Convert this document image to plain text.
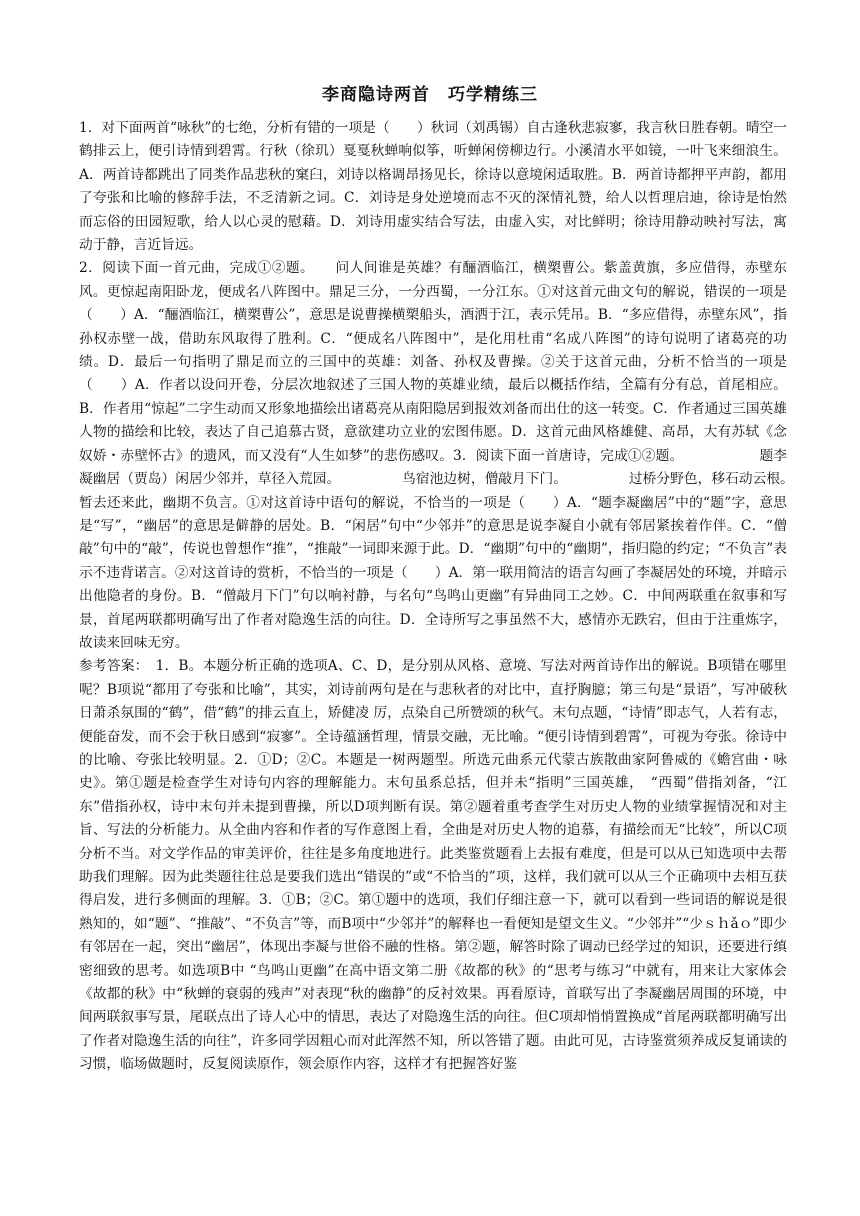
李商隐诗两首　巧学精练三
1．对下面两首“咏秋”的七绝，分析有错的一项是（　　）秋词（刘禹锡）自古逢秋悲寂寥，我言秋日胜春朝。晴空一鹤排云上，便引诗情到碧霄。行秋（徐玑）戛戛秋蝉响似筝，听蝉闲傍柳边行。小溪清水平如镜，一叶飞来细浪生。A．两首诗都跳出了同类作品悲秋的窠臼，刘诗以格调昂扬见长，徐诗以意境闲适取胜。B．两首诗都押平声韵，都用了夸张和比喻的修辞手法，不乏清新之词。C．刘诗是身处逆境而志不灭的深情礼赞，给人以哲理启迪，徐诗是怡然而忘俗的田园短歌，给人以心灵的慰藉。D．刘诗用虚实结合写法，由虚入实，对比鲜明；徐诗用静动映衬写法，寓动于静，言近旨远。
2．阅读下面一首元曲，完成①②题。　　问人间谁是英雄？有酾酒临江，横槊曹公。紫盖黄旗，多应借得，赤壁东风。更惊起南阳卧龙，便成名八阵图中。鼎足三分，一分西蜀，一分江东。①对这首元曲文句的解说，错误的一项是（　　）A．“酾酒临江，横槊曹公”，意思是说曹操横槊船头，酒洒于江，表示凭吊。B．“多应借得，赤壁东风”，指孙权赤壁一战，借助东风取得了胜利。C．“便成名八阵图中”，是化用杜甫“名成八阵图”的诗句说明了诸葛亮的功绩。D．最后一句指明了鼎足而立的三国中的英雄：刘备、孙权及曹操。②关于这首元曲，分析不恰当的一项是（　　）A．作者以设问开卷，分层次地叙述了三国人物的英雄业绩，最后以概括作结，全篇有分有总，首尾相应。B．作者用“惊起”二字生动而又形象地描绘出诸葛亮从南阳隐居到报效刘备而出仕的这一转变。C．作者通过三国英雄人物的描绘和比较，表达了自己追慕古贤，意欲建功立业的宏图伟愿。D．这首元曲风格雄健、高昂，大有苏轼《念奴娇・赤壁怀古》的遗风，而又没有“人生如梦”的悲伤感叹。3．阅读下面一首唐诗，完成①②题。　　　　　　题李凝幽居（贾岛）闲居少邻并，草径入荒园。　　　　　鸟宿池边树，僧敲月下门。　　　　　过桥分野色，移石动云根。　　　暂去还来此，幽期不负言。①对这首诗中语句的解说，不恰当的一项是（　　）A．“题李凝幽居”中的“题”字，意思是“写”，“幽居”的意思是僻静的居处。B．“闲居”句中“少邻并”的意思是说李凝自小就有邻居紧挨着作伴。C．“僧敲”句中的“敲”，传说也曾想作“推”，“推敲”一词即来源于此。D．“幽期”句中的“幽期”，指归隐的约定；“不负言”表示不违背诺言。②对这首诗的赏析，不恰当的一项是（　　）A．第一联用简洁的语言勾画了李凝居处的环境，并暗示出他隐者的身份。B．“僧敲月下门”句以响衬静，与名句“鸟鸣山更幽”有异曲同工之妙。C．中间两联重在叙事和写景，首尾两联都明确写出了作者对隐逸生活的向往。D．全诗所写之事虽然不大，感情亦无跌宕，但由于注重炼字，故读来回味无穷。
参考答案：　1．B。本题分析正确的选项A、C、D，是分别从风格、意境、写法对两首诗作出的解说。B项错在哪里呢？B项说“都用了夸张和比喻”，其实，刘诗前两句是在与悲秋者的对比中，直抒胸臆；第三句是“景语”，写冲破秋日萧杀氛围的“鹤”，借“鹤”的排云直上，矫健凌 厉，点染自己所赞颂的秋气。末句点题，“诗情”即志气，人若有志，便能奋发，而不会于秋日感到“寂寥”。全诗蕴涵哲理，情景交融，无比喻。“便引诗情到碧霄”，可视为夸张。徐诗中的比喻、夸张比较明显。2．①D；②C。本题是一树两题型。所选元曲系元代蒙古族散曲家阿鲁威的《蟾宫曲・咏史》。第①题是检查学生对诗句内容的理解能力。末句虽系总括，但并未“指明”三国英雄，　“西蜀”借指刘备，“江东”借指孙权，诗中末句并未提到曹操，所以D项判断有误。第②题着重考查学生对历史人物的业绩掌握情况和对主旨、写法的分析能力。从全曲内容和作者的写作意图上看，全曲是对历史人物的追慕，有描绘而无“比较”，所以C项分析不当。对文学作品的审美评价，往往是多角度地进行。此类鉴赏题看上去报有难度，但是可以从已知选项中去帮助我们理解。因为此类题往往总是要我们选出“错误的”或“不恰当的”项，这样，我们就可以从三个正确项中去相互获得启发，进行多侧面的理解。3．①B；②C。第①题中的选项，我们仔细注意一下，就可以看到一些词语的解说是很熟知的，如“题”、“推敲”、“不负言”等，而B项中“少邻并”的解释也一看便知是望文生义。“少邻并”“少ｓｈǎｏ”即少有邻居在一起，突出“幽居”，体现出李凝与世俗不融的性格。第②题，解答时除了调动已经学过的知识，还要进行缜密细致的思考。如选项B中 “鸟鸣山更幽”在高中语文第二册《故都的秋》的“思考与练习”中就有，用来让大家体会《故都的秋》中“秋蝉的衰弱的残声”对表现“秋的幽静”的反衬效果。再看原诗，首联写出了李凝幽居周围的环境，中间两联叙事写景，尾联点出了诗人心中的情思，表达了对隐逸生活的向往。但C项却悄悄置换成“首尾两联都明确写出了作者对隐逸生活的向往”，许多同学因粗心而对此浑然不知，所以答错了题。由此可见，古诗鉴赏须养成反复诵读的习惯，临场做题时，反复阅读原作，领会原作内容，这样才有把握答好鉴
